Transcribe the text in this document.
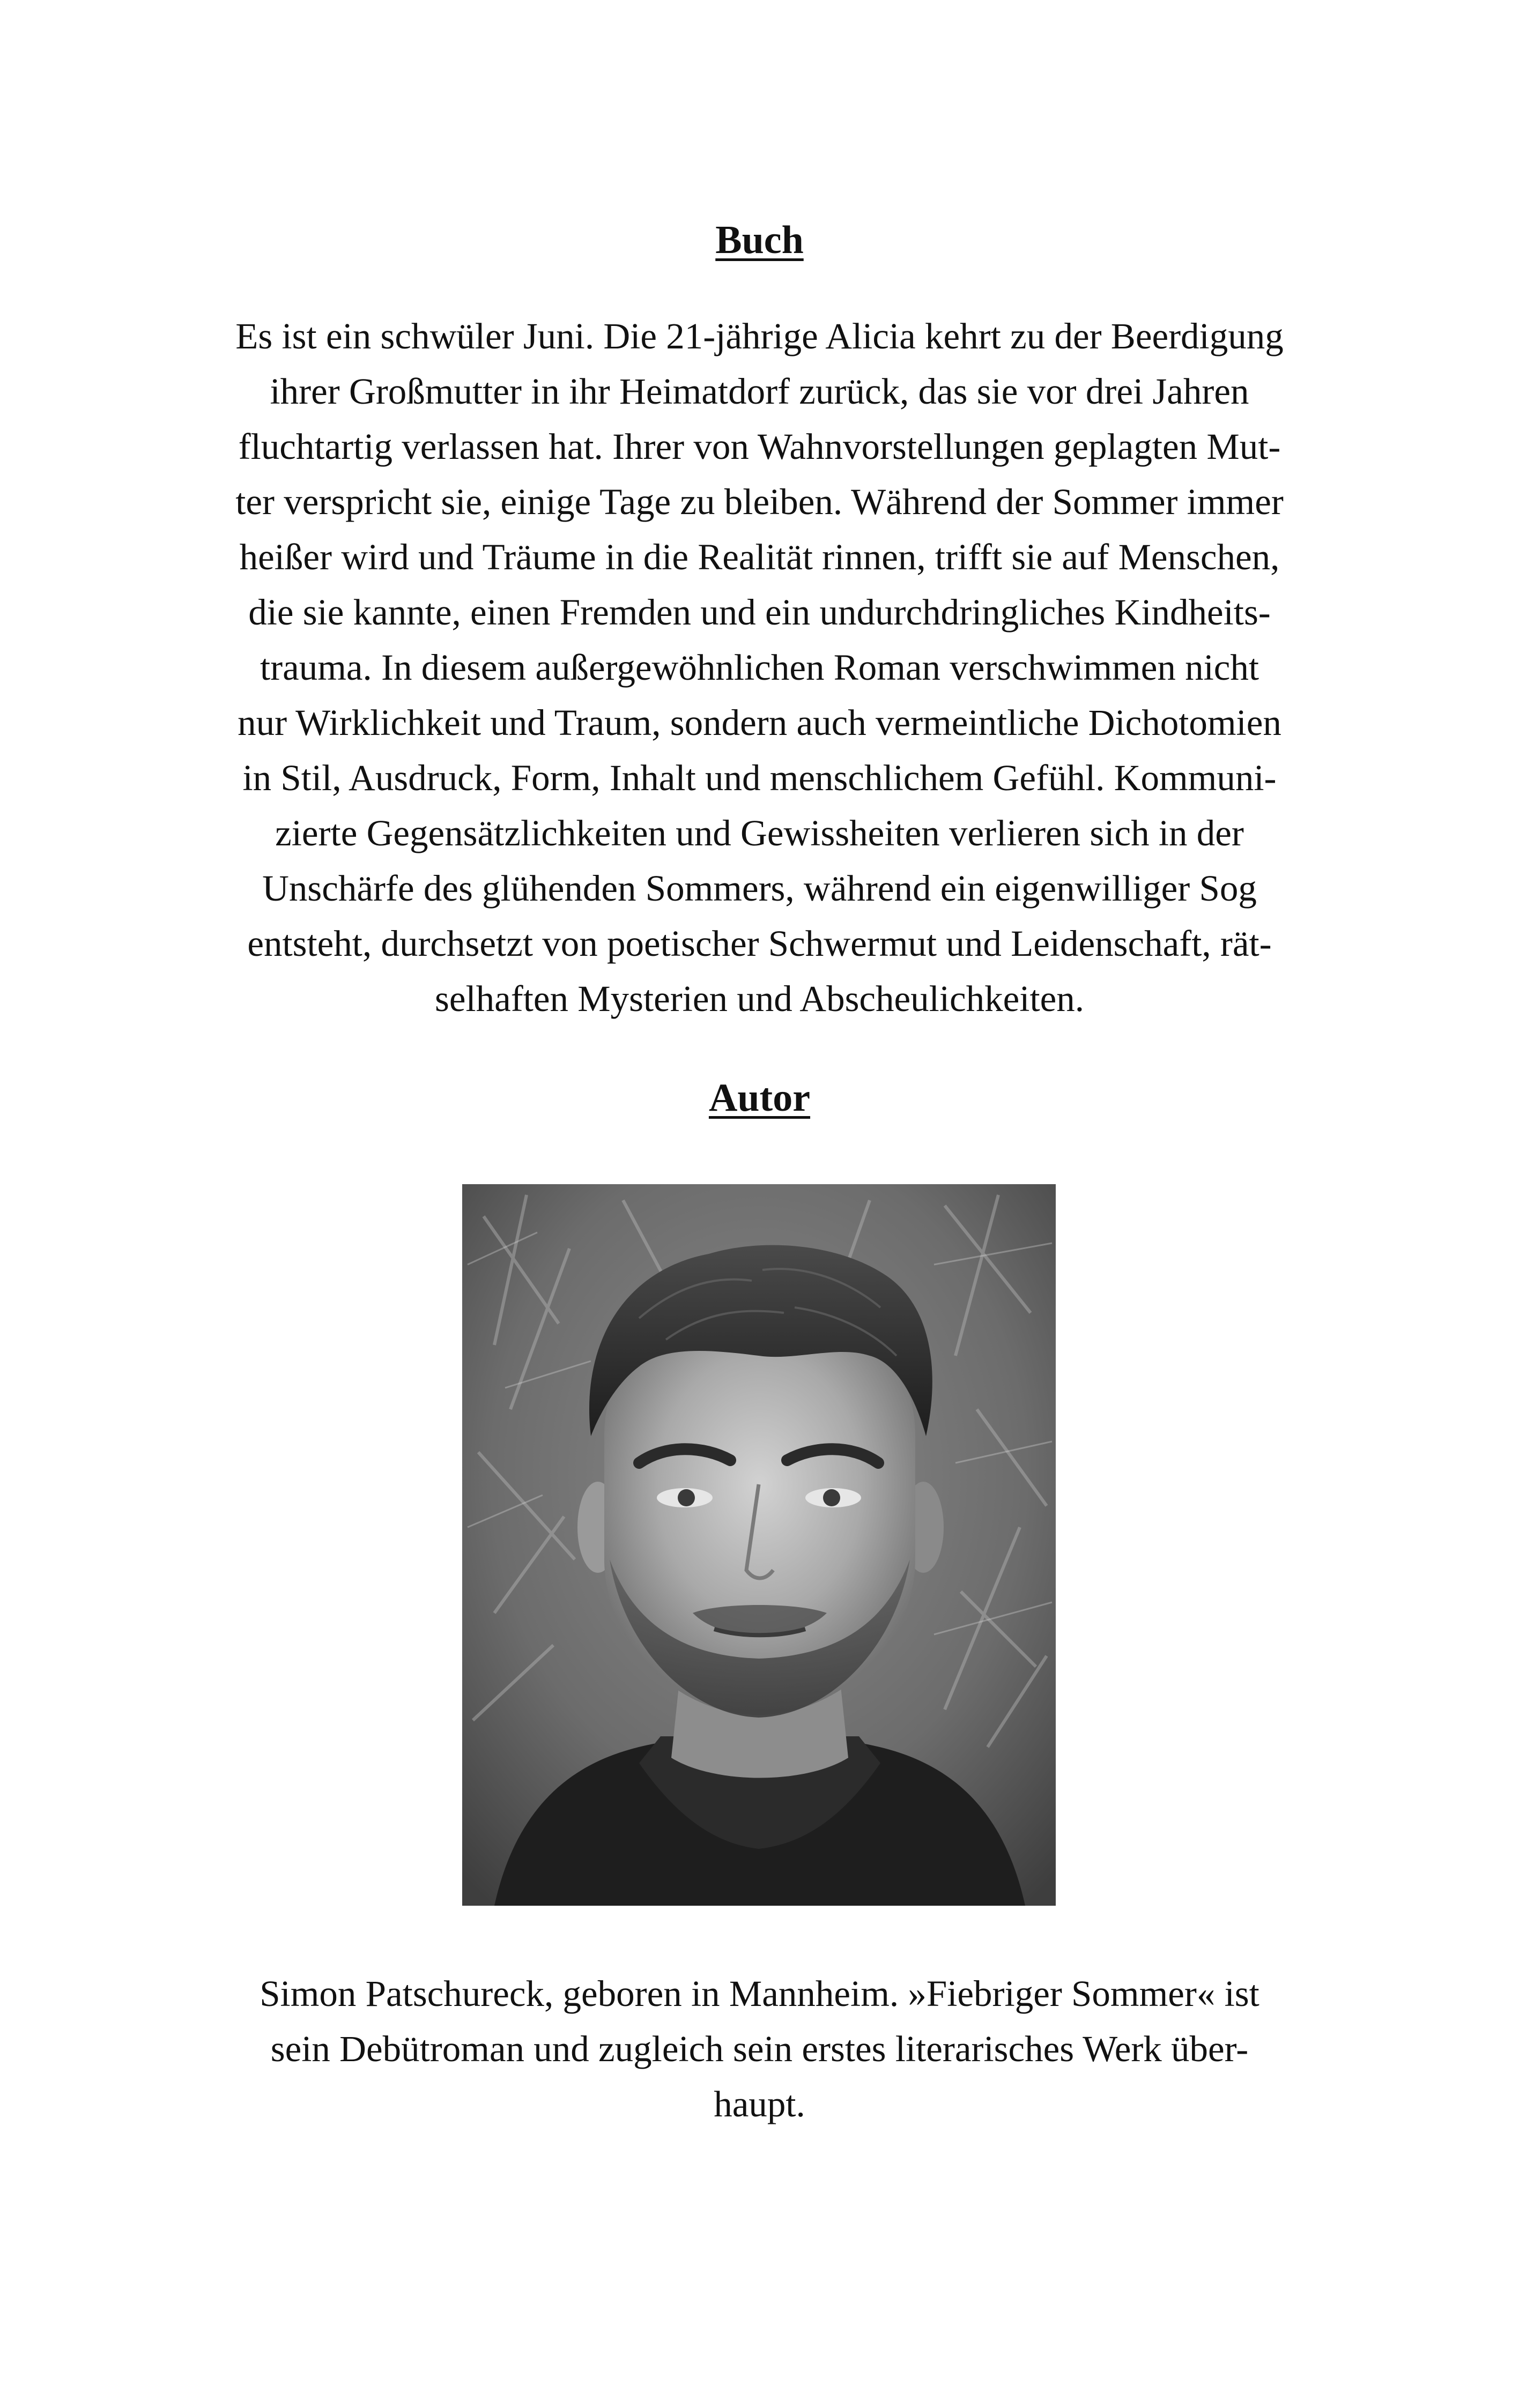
Buch
Es ist ein schwüler Juni. Die 21-jährige Alicia kehrt zu der Beerdigung
ihrer Großmutter in ihr Heimatdorf zurück, das sie vor drei Jahren
fluchtartig verlassen hat. Ihrer von Wahnvorstellungen geplagten Mut-
ter verspricht sie, einige Tage zu bleiben. Während der Sommer immer
heißer wird und Träume in die Realität rinnen, trifft sie auf Menschen,
die sie kannte, einen Fremden und ein undurchdringliches Kindheits-
trauma. In diesem außergewöhnlichen Roman verschwimmen nicht
nur Wirklichkeit und Traum, sondern auch vermeintliche Dichotomien
in Stil, Ausdruck, Form, Inhalt und menschlichem Gefühl. Kommuni-
zierte Gegensätzlichkeiten und Gewissheiten verlieren sich in der
Unschärfe des glühenden Sommers, während ein eigenwilliger Sog
entsteht, durchsetzt von poetischer Schwermut und Leidenschaft, rät-
selhaften Mysterien und Abscheulichkeiten.
Autor
Simon Patschureck, geboren in Mannheim. »Fiebriger Sommer« ist
sein Debütroman und zugleich sein erstes literarisches Werk über-
haupt.
